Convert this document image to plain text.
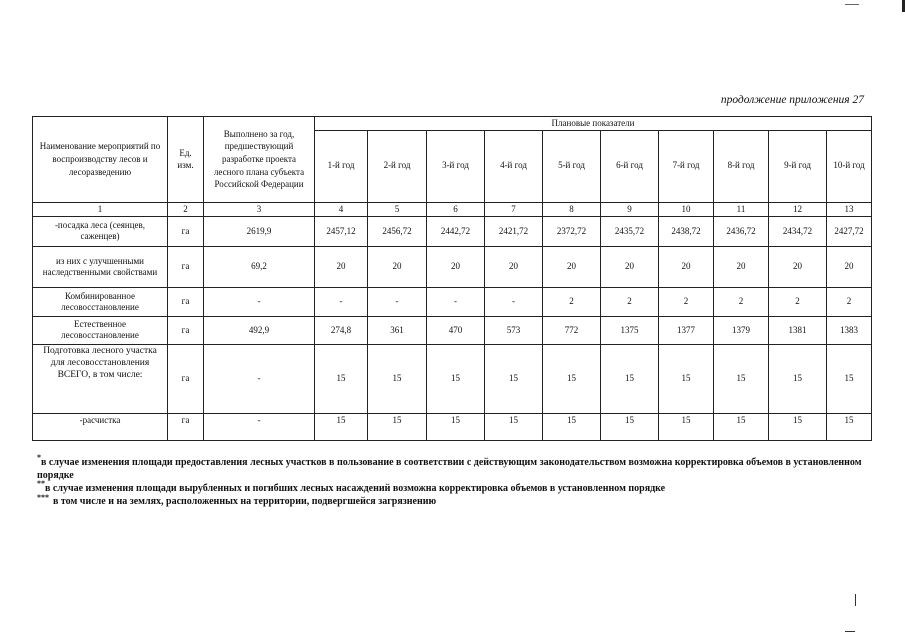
продолжение приложения 27
Наименование мероприятий по воспроизводству лесов и лесоразведению	Ед. изм.	Выполнено за год, предшествующий разработке проекта лесного плана субъекта Российской Федерации	Плановые показатели									
			1-й год	2-й год	3-й год	4-й год	5-й год	6-й год	7-й год	8-й год	9-й год	10-й год
1	2	3	4	5	6	7	8	9	10	11	12	13
-посадка леса (сеянцев, саженцев)	га	2619,9	2457,12	2456,72	2442,72	2421,72	2372,72	2435,72	2438,72	2436,72	2434,72	2427,72
из них с улучшенными наследственными свойствами	га	69,2	20	20	20	20	20	20	20	20	20	20
Комбинированное лесовосстановление	га	-	-	-	-	-	2	2	2	2	2	2
Естественное лесовосстановление	га	492,9	274,8	361	470	573	772	1375	1377	1379	1381	1383
Подготовка лесного участка для лесовосстановления ВСЕГО, в том числе:	га	-	15	15	15	15	15	15	15	15	15	15
-расчистка	га	-	15	15	15	15	15	15	15	15	15	15

*в случае изменения площади предоставления лесных участков в пользование в соответствии с действующим законодательством возможна корректировка объемов в установленном порядке

**в случае изменения площади вырубленных и погибших лесных насаждений возможна корректировка объемов в установленном порядке

*** в том числе и на землях, расположенных на территории, подвергшейся загрязнению
